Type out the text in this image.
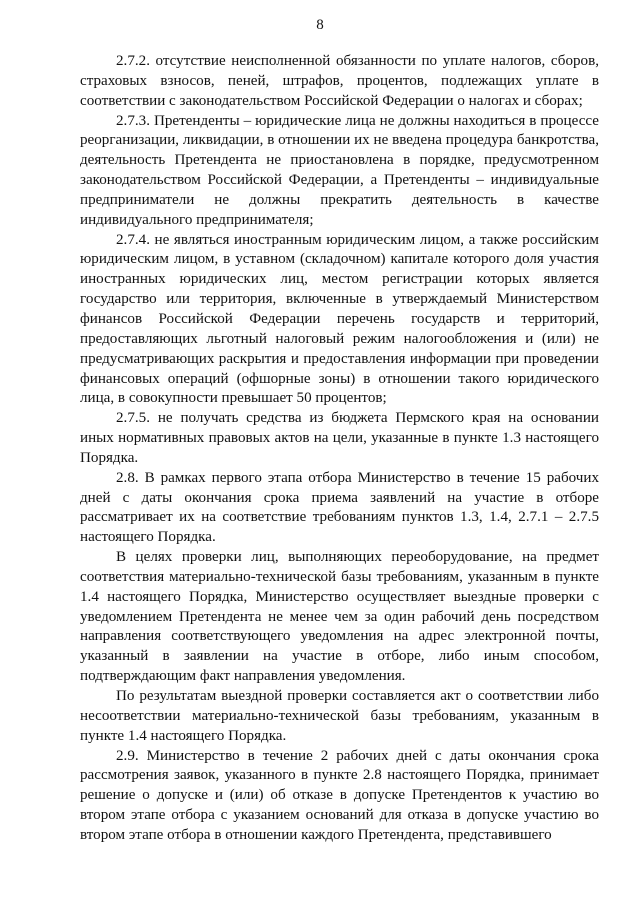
8

2.7.2. отсутствие неисполненной обязанности по уплате налогов, сборов, страховых взносов, пеней, штрафов, процентов, подлежащих уплате в соответствии с законодательством Российской Федерации о налогах и сборах;

2.7.3. Претенденты – юридические лица не должны находиться в процессе реорганизации, ликвидации, в отношении их не введена процедура банкротства, деятельность Претендента не приостановлена в порядке, предусмотренном законодательством Российской Федерации, а Претенденты – индивидуальные предприниматели не должны прекратить деятельность в качестве индивидуального предпринимателя;

2.7.4. не являться иностранным юридическим лицом, а также российским юридическим лицом, в уставном (складочном) капитале которого доля участия иностранных юридических лиц, местом регистрации которых является государство или территория, включенные в утверждаемый Министерством финансов Российской Федерации перечень государств и территорий, предоставляющих льготный налоговый режим налогообложения и (или) не предусматривающих раскрытия и предоставления информации при проведении финансовых операций (офшорные зоны) в отношении такого юридического лица, в совокупности превышает 50 процентов;

2.7.5. не получать средства из бюджета Пермского края на основании иных нормативных правовых актов на цели, указанные в пункте 1.3 настоящего Порядка.

2.8. В рамках первого этапа отбора Министерство в течение 15 рабочих дней с даты окончания срока приема заявлений на участие в отборе рассматривает их на соответствие требованиям пунктов 1.3, 1.4, 2.7.1 – 2.7.5 настоящего Порядка.

В целях проверки лиц, выполняющих переоборудование, на предмет соответствия материально-технической базы требованиям, указанным в пункте 1.4 настоящего Порядка, Министерство осуществляет выездные проверки с уведомлением Претендента не менее чем за один рабочий день посредством направления соответствующего уведомления на адрес электронной почты, указанный в заявлении на участие в отборе, либо иным способом, подтверждающим факт направления уведомления.

По результатам выездной проверки составляется акт о соответствии либо несоответствии материально-технической базы требованиям, указанным в пункте 1.4 настоящего Порядка.

2.9. Министерство в течение 2 рабочих дней с даты окончания срока рассмотрения заявок, указанного в пункте 2.8 настоящего Порядка, принимает решение о допуске и (или) об отказе в допуске Претендентов к участию во втором этапе отбора с указанием оснований для отказа в допуске участию во втором этапе отбора в отношении каждого Претендента, представившего
